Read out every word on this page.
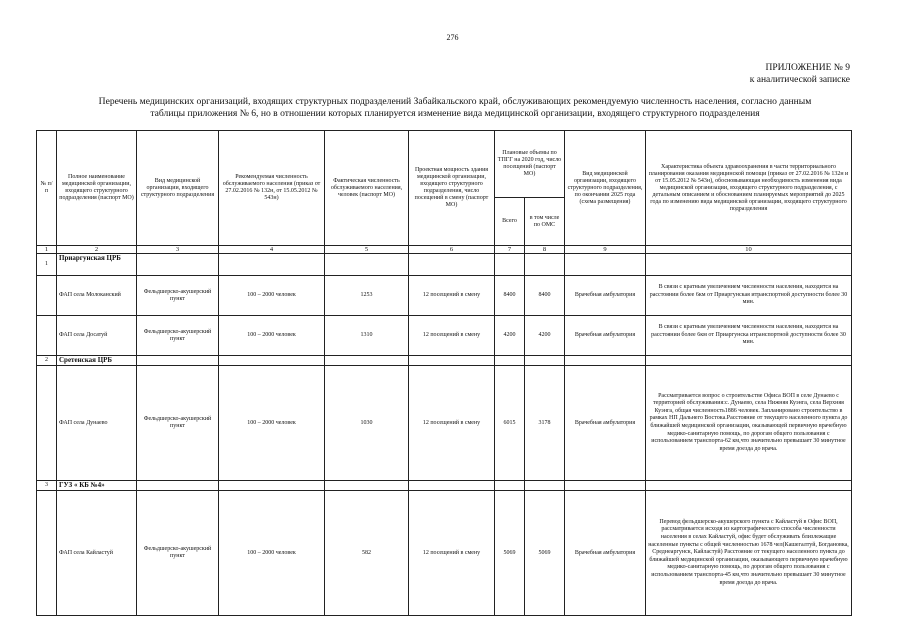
276
ПРИЛОЖЕНИЕ № 9
к аналитической записке
Перечень медицинских организаций, входящих структурных подразделений Забайкальского край, обслуживающих рекомендуемую численность населения, согласно данным
таблицы приложения № 6, но в отношении которых планируется изменение вида медицинской организации, входящего структурного подразделения
№ п/п	Полное наименование медицинской организации, входящего структурного подразделения (паспорт МО)	Вид медицинской организации, входящего структурного подразделения	Рекомендуемая численность обслуживаемого населения (приказ от 27.02.2016 № 132н, от 15.05.2012 № 543н)	Фактическая численность обслуживаемого населения, человек (паспорт МО)	Проектная мощность здания медицинской организации, входящего структурного подразделения, число посещений в смену (паспорт МО)	Плановые объемы по ТПГГ на 2020 год, число посещений (паспорт МО)		Вид медицинской организации, входящего структурного подразделения, по окончании 2025 года (схема размещения)	Характеристика объекта здравоохранения в части территориального планирования оказания медицинской помощи (приказ от 27.02.2016 № 132н и от 15.05.2012 № 543н), обосновывающая необходимость изменения вида медицинской организации, входящего структурного подразделения, с детальным описанием и обоснованием планируемых мероприятий до 2025 года по изменению вида медицинской организации, входящего структурного подразделения
						Всего	в том числе по ОМС		
1	2	3	4	5	6	7	8	9	10
1	Приаргунская ЦРБ								
	ФАП села Молоканский	Фельдшерско-акушерский пункт	100 – 2000 человек	1253	12 посещений в смену	8400	8400	Врачебная амбулатория	В связи с кратным увеличением численности населения, находится на расстоянии более 6км от Приаргунская итранспортной доступности более 30 мин.
	ФАП села Досатуй	Фельдшерско-акушерский пункт	100 – 2000 человек	1310	12 посещений в смену	4200	4200	Врачебная амбулатория	В связи с кратным увеличением численности населения, находится на расстоянии более 6км от Приаргунска итранспортной доступности более 30 мин.
2	Сретенская ЦРБ								
	ФАП села Дунаево	Фельдшерско-акушерский пункт	100 – 2000 человек	1030	12 посещений в смену	6015	3178	Врачебная амбулатория	Рассматривается вопрос о строительстве Офиса ВОП в селе Дунаево с территорией обслуживания:с. Дунаево, села Нижняя Куэнга, села Верхняя Куэнга, общая численность1886 человек. Запланировано строительство в рамках НП Дальнего Востока.Расстояние от текущего населенного пункта до ближайшей медицинской организации, оказывающей первичную врачебную медико-санитарную помощь, по дорогам общего пользования с использованием транспорта-62 км,что значительно превышает 30 минутное время доезда до врача.
3	ГУЗ « КБ №4»								
	ФАП села Кайластуй	Фельдшерско-акушерский пункт	100 – 2000 человек	582	12 посещений в смену	5069	5069	Врачебная амбулатория	Перевод фельдшерско-акушерского пункта с Кайластуй в Офис ВОП, рассматривается исходя из картографического способа численности населения в селах Кайластуй, офис будет обслуживать близлежащие населенные пункты с общей численностью 1678 чел(Кашегалтуй, Богдановка, Среднеаргунск, Кайластуй) Расстояние от текущего населенного пункта до ближайшей медицинской организации, оказывающего первичную врачебную медико-санитарную помощь, по дорогам общего пользования с использованием транспорта-45 км,что значительно превышает 30 минутное время доезда до врача.
